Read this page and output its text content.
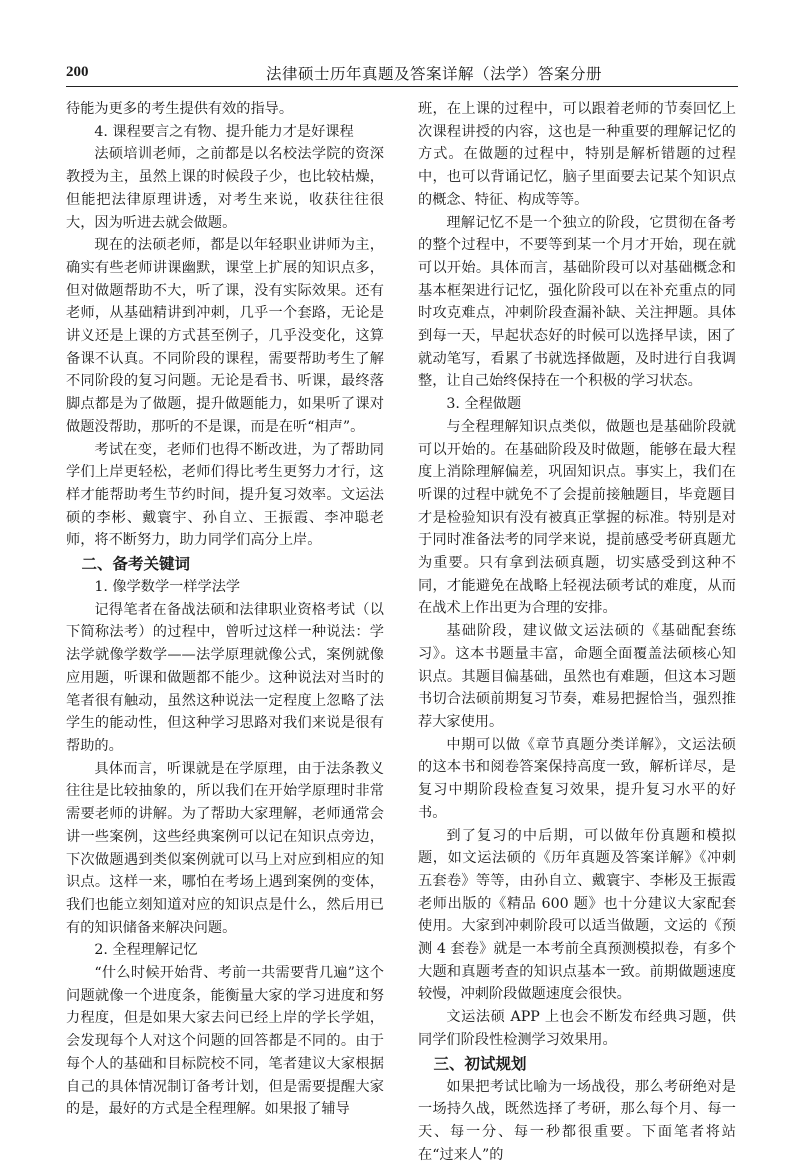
200	法律硕士历年真题及答案详解（法学）答案分册

待能为更多的考生提供有效的指导。

4. 课程要言之有物、提升能力才是好课程

法硕培训老师，之前都是以名校法学院的资深教授为主，虽然上课的时候段子少，也比较枯燥，但能把法律原理讲透，对考生来说，收获往往很大，因为听进去就会做题。

现在的法硕老师，都是以年轻职业讲师为主，确实有些老师讲课幽默，课堂上扩展的知识点多，但对做题帮助不大，听了课，没有实际效果。还有老师，从基础精讲到冲刺，几乎一个套路，无论是讲义还是上课的方式甚至例子，几乎没变化，这算备课不认真。不同阶段的课程，需要帮助考生了解不同阶段的复习问题。无论是看书、听课，最终落脚点都是为了做题，提升做题能力，如果听了课对做题没帮助，那听的不是课，而是在听“相声”。

考试在变，老师们也得不断改进，为了帮助同学们上岸更轻松，老师们得比考生更努力才行，这样才能帮助考生节约时间，提升复习效率。文运法硕的李彬、戴寰宇、孙自立、王振霞、李冲聪老师，将不断努力，助力同学们高分上岸。

二、备考关键词
1. 像学数学一样学法学

记得笔者在备战法硕和法律职业资格考试（以下简称法考）的过程中，曾听过这样一种说法：学法学就像学数学——法学原理就像公式，案例就像应用题，听课和做题都不能少。这种说法对当时的笔者很有触动，虽然这种说法一定程度上忽略了法学生的能动性，但这种学习思路对我们来说是很有帮助的。

具体而言，听课就是在学原理，由于法条教义往往是比较抽象的，所以我们在开始学原理时非常需要老师的讲解。为了帮助大家理解，老师通常会讲一些案例，这些经典案例可以记在知识点旁边，下次做题遇到类似案例就可以马上对应到相应的知识点。这样一来，哪怕在考场上遇到案例的变体，我们也能立刻知道对应的知识点是什么，然后用已有的知识储备来解决问题。

2. 全程理解记忆

“什么时候开始背、考前一共需要背几遍”这个问题就像一个进度条，能衡量大家的学习进度和努力程度，但是如果大家去问已经上岸的学长学姐，会发现每个人对这个问题的回答都是不同的。由于每个人的基础和目标院校不同，笔者建议大家根据自己的具体情况制订备考计划，但是需要提醒大家的是，最好的方式是全程理解。如果报了辅导

班，在上课的过程中，可以跟着老师的节奏回忆上次课程讲授的内容，这也是一种重要的理解记忆的方式。在做题的过程中，特别是解析错题的过程中，也可以背诵记忆，脑子里面要去记某个知识点的概念、特征、构成等等。

理解记忆不是一个独立的阶段，它贯彻在备考的整个过程中，不要等到某一个月才开始，现在就可以开始。具体而言，基础阶段可以对基础概念和基本框架进行记忆，强化阶段可以在补充重点的同时攻克难点，冲刺阶段查漏补缺、关注押题。具体到每一天，早起状态好的时候可以选择早读，困了就动笔写，看累了书就选择做题，及时进行自我调整，让自己始终保持在一个积极的学习状态。

3. 全程做题

与全程理解知识点类似，做题也是基础阶段就可以开始的。在基础阶段及时做题，能够在最大程度上消除理解偏差，巩固知识点。事实上，我们在听课的过程中就免不了会提前接触题目，毕竟题目才是检验知识有没有被真正掌握的标准。特别是对于同时准备法考的同学来说，提前感受考研真题尤为重要。只有拿到法硕真题，切实感受到这种不同，才能避免在战略上轻视法硕考试的难度，从而在战术上作出更为合理的安排。

基础阶段，建议做文运法硕的《基础配套练习》。这本书题量丰富，命题全面覆盖法硕核心知识点。其题目偏基础，虽然也有难题，但这本习题书切合法硕前期复习节奏，难易把握恰当，强烈推荐大家使用。

中期可以做《章节真题分类详解》，文运法硕的这本书和阅卷答案保持高度一致，解析详尽，是复习中期阶段检查复习效果，提升复习水平的好书。

到了复习的中后期，可以做年份真题和模拟题，如文运法硕的《历年真题及答案详解》《冲刺五套卷》等等，由孙自立、戴寰宇、李彬及王振霞老师出版的《精品 600 题》也十分建议大家配套使用。大家到冲刺阶段可以适当做题，文运的《预测 4 套卷》就是一本考前全真预测模拟卷，有多个大题和真题考查的知识点基本一致。前期做题速度较慢，冲刺阶段做题速度会很快。

文运法硕 APP 上也会不断发布经典习题，供同学们阶段性检测学习效果用。

三、初试规划

如果把考试比喻为一场战役，那么考研绝对是一场持久战，既然选择了考研，那么每个月、每一天、每一分、每一秒都很重要。下面笔者将站在“过来人”的
